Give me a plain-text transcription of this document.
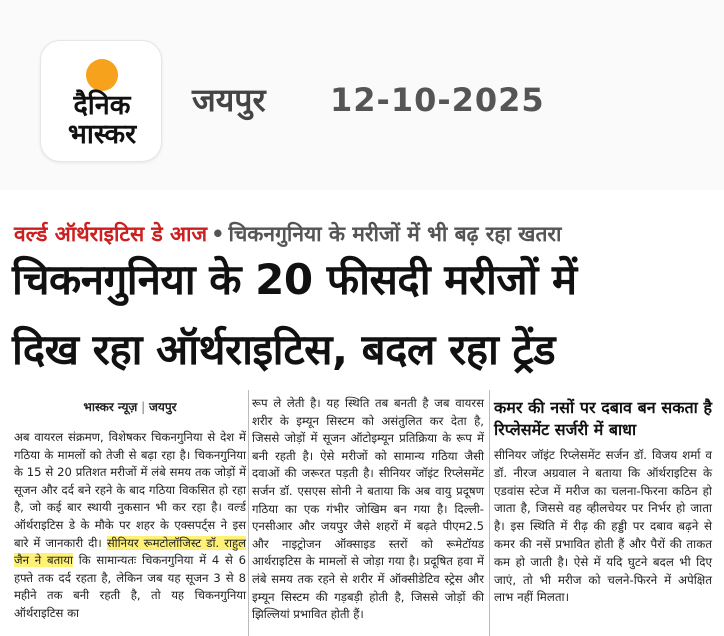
दैनिक
भास्कर
जयपुर 12-10-2025
वर्ल्ड ऑर्थराइटिस डे आज • चिकनगुनिया के मरीजों में भी बढ़ रहा खतरा
चिकनगुनिया के 20 फीसदी मरीजों में
दिख रहा ऑर्थराइटिस, बदल रहा ट्रेंड
भास्कर न्यूज़ | जयपुर
अब वायरल संक्रमण, विशेषकर चिकनगुनिया से देश में गठिया के मामलों को तेजी से बढ़ा रहा है। चिकनगुनिया के 15 से 20 प्रतिशत मरीजों में लंबे समय तक जोड़ों में सूजन और दर्द बने रहने के बाद गठिया विकसित हो रहा है, जो कई बार स्थायी नुकसान भी कर रहा है। वर्ल्ड ऑर्थराइटिस डे के मौके पर शहर के एक्सपर्ट्स ने इस बारे में जानकारी दी। सीनियर रूमटोलॉजिस्ट डॉ. राहुल जैन ने बताया कि सामान्यतः चिकनगुनिया में 4 से 6 हफ्ते तक दर्द रहता है, लेकिन जब यह सूजन 3 से 8 महीने तक बनी रहती है, तो यह चिकनगुनिया ऑर्थराइटिस का
रूप ले लेती है। यह स्थिति तब बनती है जब वायरस शरीर के इम्यून सिस्टम को असंतुलित कर देता है, जिससे जोड़ों में सूजन ऑटोइम्यून प्रतिक्रिया के रूप में बनी रहती है। ऐसे मरीजों को सामान्य गठिया जैसी दवाओं की जरूरत पड़ती है। सीनियर जॉइंट रिप्लेसमेंट सर्जन डॉ. एसएस सोनी ने बताया कि अब वायु प्रदूषण गठिया का एक गंभीर जोखिम बन गया है। दिल्ली-एनसीआर और जयपुर जैसे शहरों में बढ़ते पीएम2.5 और नाइट्रोजन ऑक्साइड स्तरों को रूमेटॉयड आर्थराइटिस के मामलों से जोड़ा गया है। प्रदूषित हवा में लंबे समय तक रहने से शरीर में ऑक्सीडेटिव स्ट्रेस और इम्यून सिस्टम की गड़बड़ी होती है, जिससे जोड़ों की झिल्लियां प्रभावित होती हैं।
कमर की नसों पर दबाव बन सकता है रिप्लेसमेंट सर्जरी में बाधा
सीनियर जॉइंट रिप्लेसमेंट सर्जन डॉ. विजय शर्मा व डॉ. नीरज अग्रवाल ने बताया कि ऑर्थराइटिस के एडवांस स्टेज में मरीज का चलना-फिरना कठिन हो जाता है, जिससे वह व्हीलचेयर पर निर्भर हो जाता है। इस स्थिति में रीढ़ की हड्डी पर दबाव बढ़ने से कमर की नसें प्रभावित होती हैं और पैरों की ताकत कम हो जाती है। ऐसे में यदि घुटने बदल भी दिए जाएं, तो भी मरीज को चलने-फिरने में अपेक्षित लाभ नहीं मिलता।
